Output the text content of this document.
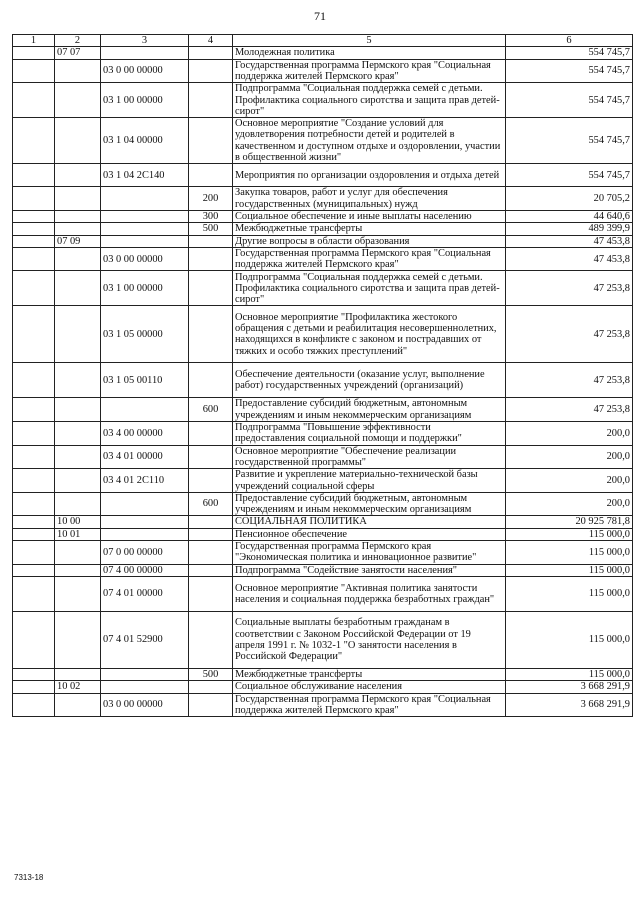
71
1	2	3	4	5	6
	07 07			Молодежная политика	554 745,7
		03 0 00 00000		Государственная программа Пермского края "Социальная поддержка жителей Пермского края"	554 745,7
		03 1 00 00000		Подпрограмма "Социальная поддержка семей с детьми. Профилактика социального сиротства и защита прав детей-сирот"	554 745,7
		03 1 04 00000		Основное мероприятие "Создание условий для удовлетворения потребности детей и родителей в качественном и доступном отдыхе и оздоровлении, участии в общественной жизни"	554 745,7
		03 1 04 2С140		Мероприятия по организации оздоровления и отдыха детей	554 745,7
			200	Закупка товаров, работ и услуг для обеспечения государственных (муниципальных) нужд	20 705,2
			300	Социальное обеспечение и иные выплаты населению	44 640,6
			500	Межбюджетные трансферты	489 399,9
	07 09			Другие вопросы в области образования	47 453,8
		03 0 00 00000		Государственная программа Пермского края "Социальная поддержка жителей Пермского края"	47 453,8
		03 1 00 00000		Подпрограмма "Социальная поддержка семей с детьми. Профилактика социального сиротства и защита прав детей-сирот"	47 253,8
		03 1 05 00000		Основное мероприятие "Профилактика жестокого обращения с детьми и реабилитация несовершеннолетних, находящихся в конфликте с законом и пострадавших от тяжких и особо тяжких преступлений"	47 253,8
		03 1 05 00110		Обеспечение деятельности (оказание услуг, выполнение работ) государственных учреждений (организаций)	47 253,8
			600	Предоставление субсидий бюджетным, автономным учреждениям и иным некоммерческим организациям	47 253,8
		03 4 00 00000		Подпрограмма "Повышение эффективности предоставления социальной помощи и поддержки"	200,0
		03 4 01 00000		Основное мероприятие "Обеспечение реализации государственной программы"	200,0
		03 4 01 2С110		Развитие и укрепление материально-технической базы учреждений социальной сферы	200,0
			600	Предоставление субсидий бюджетным, автономным учреждениям и иным некоммерческим организациям	200,0
	10 00			СОЦИАЛЬНАЯ ПОЛИТИКА	20 925 781,8
	10 01			Пенсионное обеспечение	115 000,0
		07 0 00 00000		Государственная программа Пермского края "Экономическая политика и инновационное развитие"	115 000,0
		07 4 00 00000		Подпрограмма "Содействие занятости населения"	115 000,0
		07 4 01 00000		Основное мероприятие "Активная политика занятости населения и социальная поддержка безработных граждан"	115 000,0
		07 4 01 52900		Социальные выплаты безработным гражданам в соответствии с Законом Российской Федерации от 19 апреля 1991 г. № 1032-1 "О занятости населения в Российской Федерации"	115 000,0
			500	Межбюджетные трансферты	115 000,0
	10 02			Социальное обслуживание населения	3 668 291,9
		03 0 00 00000		Государственная программа Пермского края "Социальная поддержка жителей Пермского края"	3 668 291,9
7313-18
